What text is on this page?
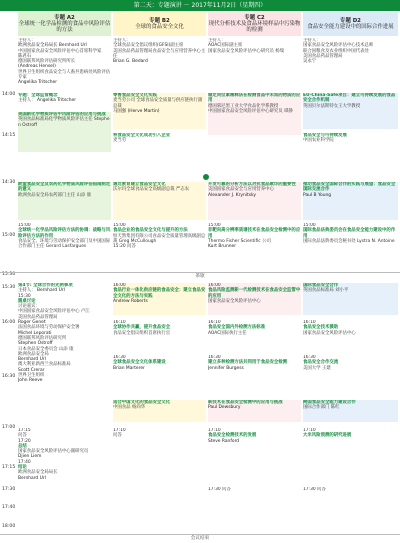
第二天：专题演讲 － 2017年11月2日（星期四）
专题 A2
全球统一化学品检测的食品中风险评估的方法
专题 B2
全球的食品安全文化
专题 C2
现代分析技术及食品环境样品中污染物的检测
专题 D2
食品安全能力建设中的国际合作进展
14:00
14:15
14:30
15:00
15:30
15:30
16:00
16:30
17:00
17:15
17:30
17:40
18:00
主持人：
欧洲食品安全局局长 Bernhard Url
中国国家食品安全风险评估中心首席科学家
陈君石
德国联邦风险评估研究所所长
(Andreas Hensel)
世界卫生组织食品安全与人畜共患病处风险评估专家
Angelika Tritscher
专题：全球监管概念
主持人： Angelika Tritscher
美国新化学物质评估中风险评估的应用与挑战
英国食品标准局化学物质风险评估主任 Stephen Ostroff
欧盟食品安全及农药化学物质风险评估指南制定的意义
欧洲食品安全局农药部门主任 山添 康
15:00
全球统一化学品风险评估方法的协调：战略与风险评估方法的作用
食品安全、环境与劳动保护安全部门及中国国际合作部门主任 Gerard Lasfargues
第4节: 全球合作的先例事项
主持人： Bernhard Url
15:30
圆桌讨论
讨论嘉宾：
中国国家食品安全风险评估中心 卢江
美国食品药品管理局
Roger Genet
法国食品环境与劳动保护安全署
Michel Leporati
德国联邦风险评估研究所
Stephen Ostroff
日本食品安全委员会 山添 康
欧洲食品安全局
Bernhard Url
澳大利亚新西兰食品标准局
Scott Crerar
世界卫生组织
John Reeve
17:15
问答
17:20
总结
国家食品安全风险评估中心副研究员
Djien Liem
17:40
结论
欧洲食品安全局局长
Bernhard Url
主持人：
全球食品安全倡议组织(GFSI)副主席
美国食品药品管理局食品安全与应用营养中心主任
Brian G. Bedard
零售食品安全文化实践
麦当劳公司 全球食品安全质量与供应链执行副总裁
马国强 (Herve Martin)
将食品安全文化成功引入企业
麦当劳
通过教育建立食品安全文化
沃尔玛全球食品安全高级副总裁 严志农
15:00
食品企业的食品安全文化与提升的方法
恒天然集团有限公司食品安全质量管理高级副总裁 Greg McCullough
15:20 问答
16:00
食品行业一体化供应链的食品安全：建立食品安全文化的方法与实践
Andrew Roberts
16:10
全球协作共赢，提升食品安全
食品安全倡议组织首席执行官
16:30
全球食品安全文化体系建设
Brian Marterer
适合中国文化的食品安全文化
中国食品 杨尚华
17:10
问答
主持人：
AOAC国际副主席
国家食品安全风险评估中心研究员 杨瑞
稳定同位素稀释法在检测食品中未知的物质的应用
德国慕尼黑工业大学食品化学系教授
中国国家食品安全风险评估中心研究员 谭静
开发可靠的分析方法以对抗食品欺诈的重要性
美国国家食品安全与应用营养中心
Alexander J. Krynitsky
15:00
非靶向高分辨率质谱技术在食品安全检测中的应用
Thermo Fisher Scientific 公司
Kurt Brunner
16:00
食品风险监测新一代检测技术在食品安全监管中的应用
国家食品安全风险评估中心
16:10
食品安全国内外检测方法标准
AOAC国际执行主任
16:30
建立多种检测方法共同用于食品安全检测
Jennifer Burgess
新技术在食品安全检测中的应用与挑战
Paul Dewsbury
17:10
食品安全检测技术的发展
Steve Ranford
17:30 问答
主持人：
国家食品安全风险评估中心技术总师
联合国粮食及农业组织中国代表处
美国食品药品管理局
吴永宁
EU-China-Safe项目：建立可持续发展的食品安全合作机制
英国贝尔法斯特女王大学教授
食品安全与可持续发展
中国农业科学院
推动食品安全国际合作的实践与展望：食品安全国际交流合作
Paul B Young
15:00
国际食品法典委员会在食品安全能力建设中的作用
国际食品法典委员会秘书处 Lystra N. Antoine
国际食品安全合作
英国食品标准局 刘小平
16:10
食品安全技术援助
国家食品安全风险评估中心
16:30
食品安全合作交流
美国大学 王建
跨国食品安全能力建设合作
国际合作部门 陈红
17:10
大米风险预测的研究进展
17:30 问答
茶歇
会议结束
